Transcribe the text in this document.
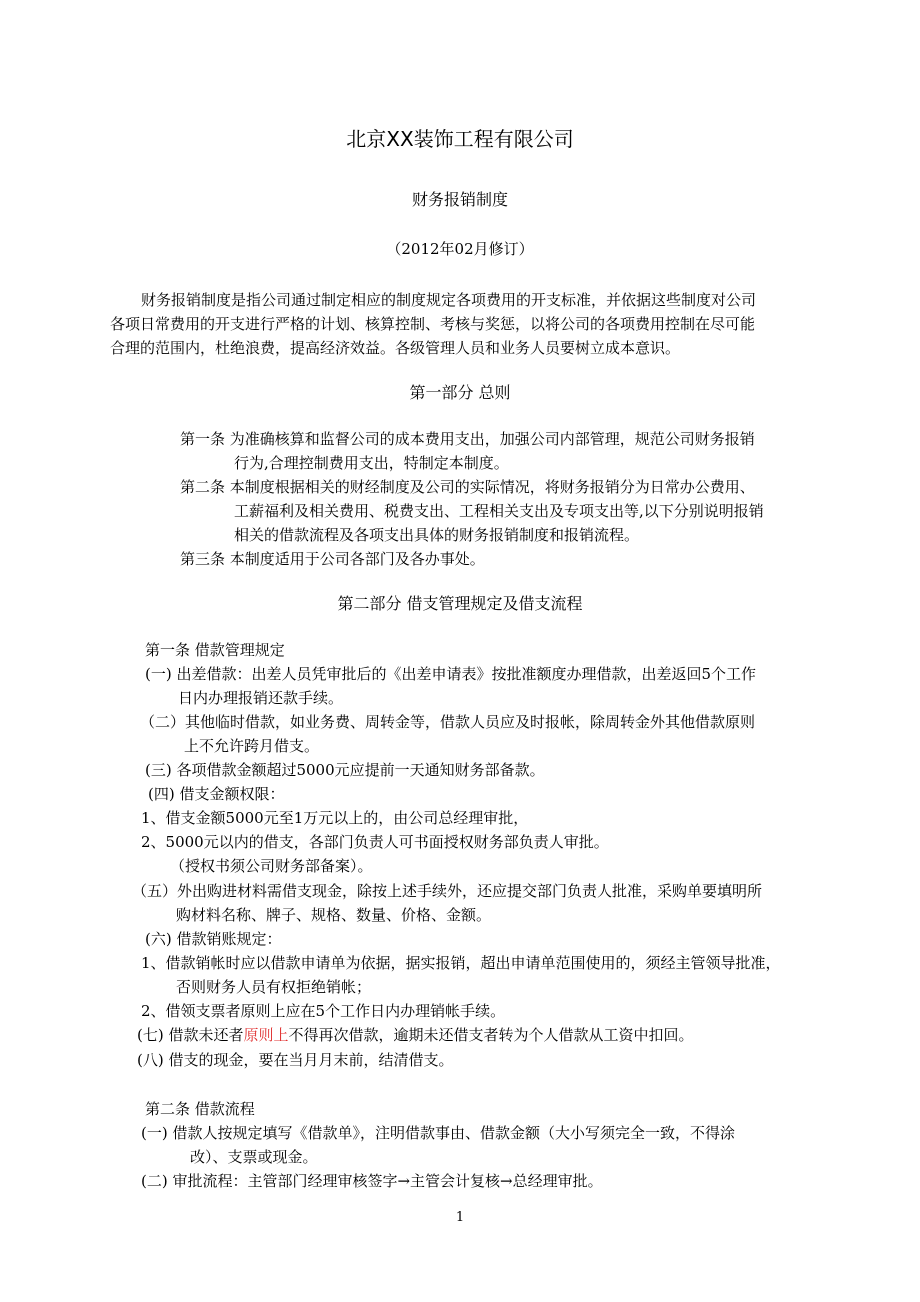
北京XX装饰工程有限公司
财务报销制度
（2012年02月修订）
财务报销制度是指公司通过制定相应的制度规定各项费用的开支标准，并依据这些制度对公司
各项日常费用的开支进行严格的计划、核算控制、考核与奖惩，以将公司的各项费用控制在尽可能
合理的范围内，杜绝浪费，提高经济效益。各级管理人员和业务人员要树立成本意识。
第一部分 总则
第一条 为准确核算和监督公司的成本费用支出，加强公司内部管理，规范公司财务报销
行为,合理控制费用支出，特制定本制度。
第二条 本制度根据相关的财经制度及公司的实际情况，将财务报销分为日常办公费用、
工薪福利及相关费用、税费支出、工程相关支出及专项支出等,以下分别说明报销
相关的借款流程及各项支出具体的财务报销制度和报销流程。
第三条 本制度适用于公司各部门及各办事处。
第二部分 借支管理规定及借支流程
第一条 借款管理规定
(一) 出差借款：出差人员凭审批后的《出差申请表》按批准额度办理借款，出差返回5个工作
日内办理报销还款手续。
（二）其他临时借款，如业务费、周转金等，借款人员应及时报帐，除周转金外其他借款原则
上不允许跨月借支。
(三) 各项借款金额超过5000元应提前一天通知财务部备款。
(四) 借支金额权限：
1、借支金额5000元至1万元以上的，由公司总经理审批，
2、5000元以内的借支，各部门负责人可书面授权财务部负责人审批。
（授权书须公司财务部备案）。
（五）外出购进材料需借支现金，除按上述手续外，还应提交部门负责人批准，采购单要填明所
购材料名称、牌子、规格、数量、价格、金额。
(六) 借款销账规定：
1、借款销帐时应以借款申请单为依据，据实报销，超出申请单范围使用的，须经主管领导批准，
否则财务人员有权拒绝销帐；
2、借领支票者原则上应在5个工作日内办理销帐手续。
(七) 借款未还者原则上不得再次借款，逾期未还借支者转为个人借款从工资中扣回。
(八) 借支的现金，要在当月月末前，结清借支。
第二条 借款流程
(一) 借款人按规定填写《借款单》，注明借款事由、借款金额（大小写须完全一致，不得涂
改）、支票或现金。
(二) 审批流程：主管部门经理审核签字→主管会计复核→总经理审批。
1
